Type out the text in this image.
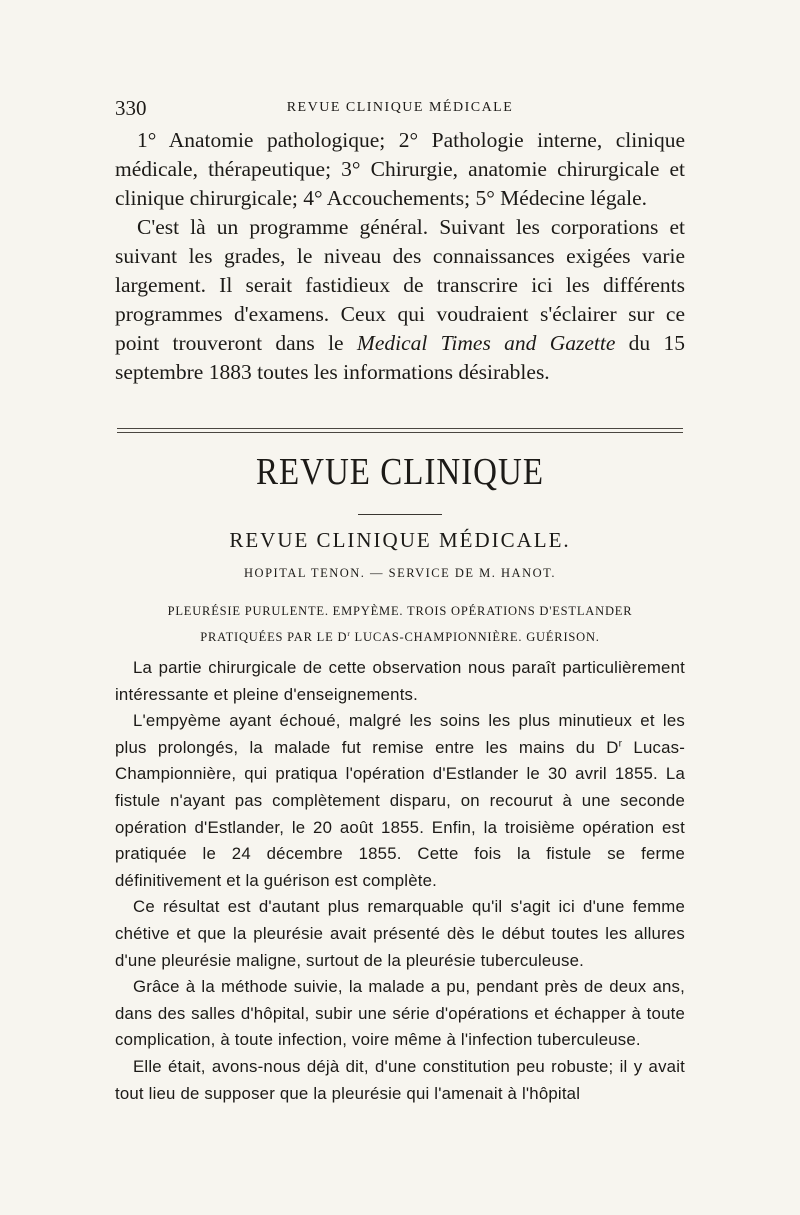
330	REVUE CLINIQUE MÉDICALE

1° Anatomie pathologique; 2° Pathologie interne, clinique médicale, thérapeutique; 3° Chirurgie, anatomie chirurgicale et clinique chirurgicale; 4° Accouchements; 5° Médecine légale.

C'est là un programme général. Suivant les corporations et suivant les grades, le niveau des connaissances exigées varie largement. Il serait fastidieux de transcrire ici les différents programmes d'examens. Ceux qui voudraient s'éclairer sur ce point trouveront dans le Medical Times and Gazette du 15 septembre 1883 toutes les informations désirables.

REVUE CLINIQUE
REVUE CLINIQUE MÉDICALE.
HOPITAL TENON. — SERVICE DE M. HANOT.
PLEURÉSIE PURULENTE. EMPYÈME. TROIS OPÉRATIONS D'ESTLANDER
PRATIQUÉES PAR LE $D^r$ LUCAS-CHAMPIONNIÈRE. GUÉRISON.

La partie chirurgicale de cette observation nous paraît particulièrement intéressante et pleine d'enseignements.

L'empyème ayant échoué, malgré les soins les plus minutieux et les plus prolongés, la malade fut remise entre les mains du $D^r$ Lucas-Championnière, qui pratiqua l'opération d'Estlander le 30 avril 1855. La fistule n'ayant pas complètement disparu, on recourut à une seconde opération d'Estlander, le 20 août 1855. Enfin, la troisième opération est pratiquée le 24 décembre 1855. Cette fois la fistule se ferme définitivement et la guérison est complète.

Ce résultat est d'autant plus remarquable qu'il s'agit ici d'une femme chétive et que la pleurésie avait présenté dès le début toutes les allures d'une pleurésie maligne, surtout de la pleurésie tuberculeuse.

Grâce à la méthode suivie, la malade a pu, pendant près de deux ans, dans des salles d'hôpital, subir une série d'opérations et échapper à toute complication, à toute infection, voire même à l'infection tuberculeuse.

Elle était, avons-nous déjà dit, d'une constitution peu robuste; il y avait tout lieu de supposer que la pleurésie qui l'amenait à l'hôpital
